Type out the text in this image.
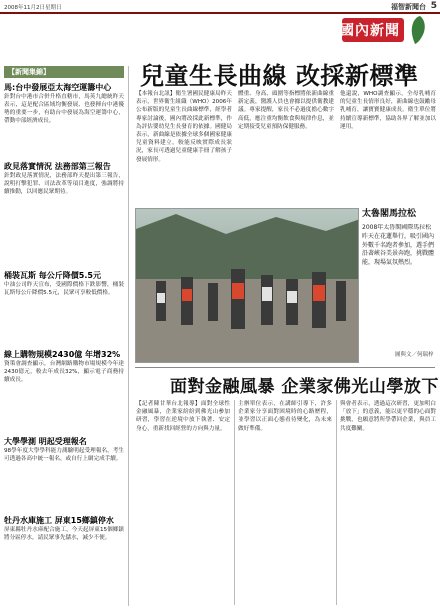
2008年11月2日星期日	福智新聞台 5
國內新聞
【新聞集錦】
馬:台中發展亞太海空運籌中心
針對台中港市合併升格直轄市，馬英九總統昨天表示，這是配合區域均衡發展、也發揮台中港優勢的重要一步，有助台中發展為海空運籌中心，帶動中部經濟成長。
政見落實情況 法務部第三報告
針對政見落實情況，法務部昨天提出第三報告，說明打擊犯罪、司法改革等項目進度，強調將持續推動，以回應民眾期待。
桶裝瓦斯 每公斤降價5.5元
中油公司昨天宣布，受國際價格下跌影響，桶裝瓦斯每公斤降價5.5元，民眾可享較低價格。
線上購物規模2430億 年增32%
資策會調查顯示，台灣網路購物市場規模今年達2430億元，較去年成長32%，顯示電子商務持續成長。
大學學測 明起受理報名
98學年度大學學科能力測驗明起受理報名，考生可透過各高中統一報名，或自行上網完成手續。
牡丹水庫施工 屏東15鄉鎮停水
屏東縣牡丹水庫配合施工，今天起屏東15個鄉鎮將分區停水，請民眾事先儲水，減少不便。
兒童生長曲線 改採新標準
【本報台北訊】衛生署國民健康局昨天表示，世界衛生組織（WHO）2006年公布新版的兒童生長曲線標準，經學者專家討論後，國內將改採此新標準，作為評估嬰幼兒生長發育的依據。國健局表示，新曲線是依據全球多個國家健康兒童資料建立，較能反映實際成長狀況，家長可透過兒童健康手冊了解孩子發展情形。
體重、身高、頭圍等指標將依新曲線重新定義，醫護人員也會據以提供衛教建議。專家提醒，家長不必過度擔心數字高低，應注重均衡飲食與規律作息，並定期接受兒童預防保健服務。
他還說，WHO調查顯示，全母乳哺育的兒童生長情形良好，新曲線也鼓勵母乳哺育，讓寶寶健康成長。衛生單位將持續宣導新標準，協助各界了解並加以運用。
太魯閣馬拉松
2008年太魯閣國際馬拉松昨天在花蓮舉行，吸引國內外數千名跑者參加，選手們沿著峽谷美景奔跑，挑戰體能，現場氣氛熱烈。
圖與文／何瑞梓
面對金融風暴 企業家佛光山學放下
【記者陳甘華台北報導】面對全球性金融風暴，企業家紛紛到佛光山參加研習，學習在逆境中放下執著、安定身心，重新找回經營的方向與力量。
主辦單位表示，在講師引導下，許多企業家分享面對困境時的心路歷程，並學習以正面心態看待變化，為未來做好準備。
與會者表示，透過這次研習，更加明白「放下」的意義，能以更平穩的心面對挑戰，也願意將所學帶回企業，與員工共度難關。
